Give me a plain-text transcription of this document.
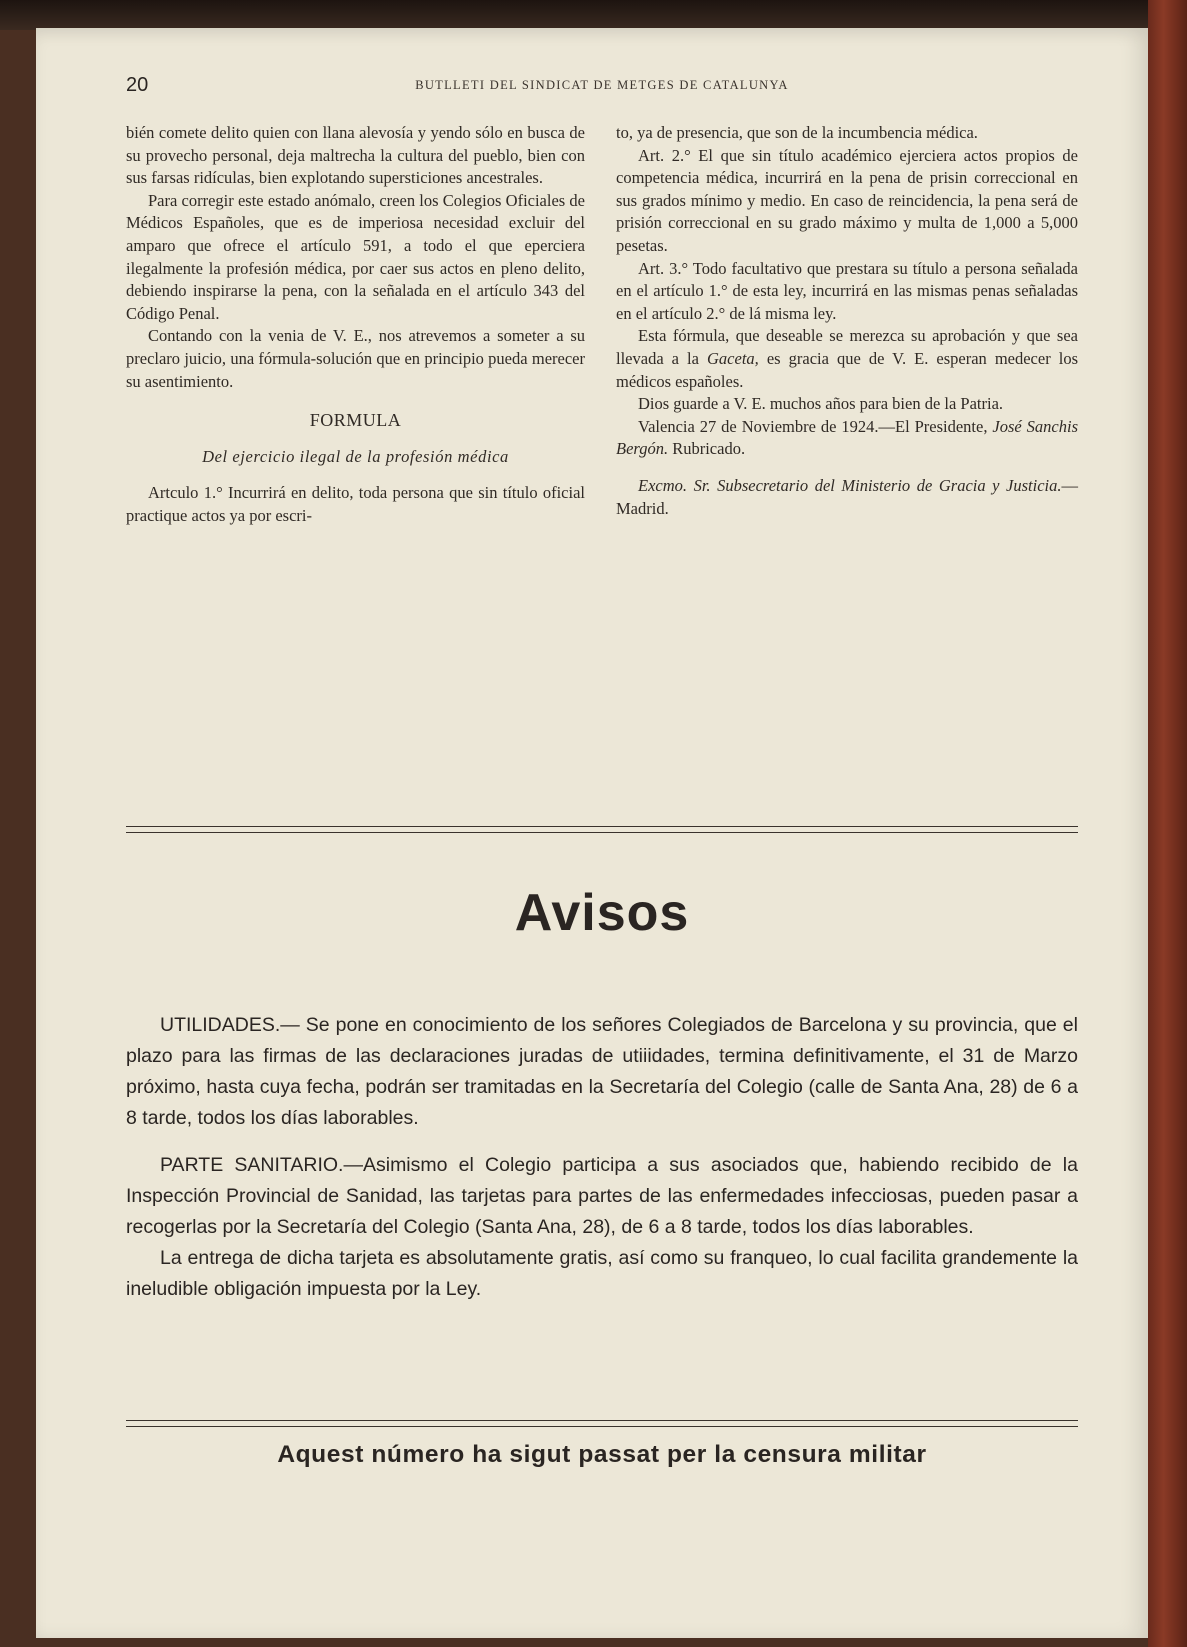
20	BUTLLETI DEL SINDICAT DE METGES DE CATALUNYA

bién comete delito quien con llana alevosía y yendo sólo en busca de su provecho personal, deja maltrecha la cultura del pueblo, bien con sus farsas ridículas, bien explotando supersticiones ancestrales.

Para corregir este estado anómalo, creen los Colegios Oficiales de Médicos Españoles, que es de imperiosa necesidad excluir del amparo que ofrece el artículo 591, a todo el que eperciera ilegalmente la profesión médica, por caer sus actos en pleno delito, debiendo inspirarse la pena, con la señalada en el artículo 343 del Código Penal.

Contando con la venia de V. E., nos atrevemos a someter a su preclaro juicio, una fórmula-solución que en principio pueda merecer su asentimiento.

FORMULA

Del ejercicio ilegal de la profesión médica

Artculo 1.° Incurrirá en delito, toda persona que sin título oficial practique actos ya por escri-

to, ya de presencia, que son de la incumbencia médica.

Art. 2.° El que sin título académico ejerciera actos propios de competencia médica, incurrirá en la pena de prisin correccional en sus grados mínimo y medio. En caso de reincidencia, la pena será de prisión correccional en su grado máximo y multa de 1,000 a 5,000 pesetas.

Art. 3.° Todo facultativo que prestara su título a persona señalada en el artículo 1.° de esta ley, incurrirá en las mismas penas señaladas en el artículo 2.° de lá misma ley.

Esta fórmula, que deseable se merezca su aprobación y que sea llevada a la Gaceta, es gracia que de V. E. esperan medecer los médicos españoles.

Dios guarde a V. E. muchos años para bien de la Patria.

Valencia 27 de Noviembre de 1924.—El Presidente, José Sanchis Bergón. Rubricado.

Excmo. Sr. Subsecretario del Ministerio de Gracia y Justicia.—Madrid.

Avisos

UTILIDADES.— Se pone en conocimiento de los señores Colegiados de Barcelona y su provincia, que el plazo para las firmas de las declaraciones juradas de utiiidades, termina definitivamente, el 31 de Marzo próximo, hasta cuya fecha, podrán ser tramitadas en la Secretaría del Colegio (calle de Santa Ana, 28) de 6 a 8 tarde, todos los días laborables.

PARTE SANITARIO.—Asimismo el Colegio participa a sus asociados que, habiendo recibido de la Inspección Provincial de Sanidad, las tarjetas para partes de las enfermedades infecciosas, pueden pasar a recogerlas por la Secretaría del Colegio (Santa Ana, 28), de 6 a 8 tarde, todos los días laborables.

La entrega de dicha tarjeta es absolutamente gratis, así como su franqueo, lo cual facilita grandemente la ineludible obligación impuesta por la Ley.

Aquest número ha sigut passat per la censura militar
